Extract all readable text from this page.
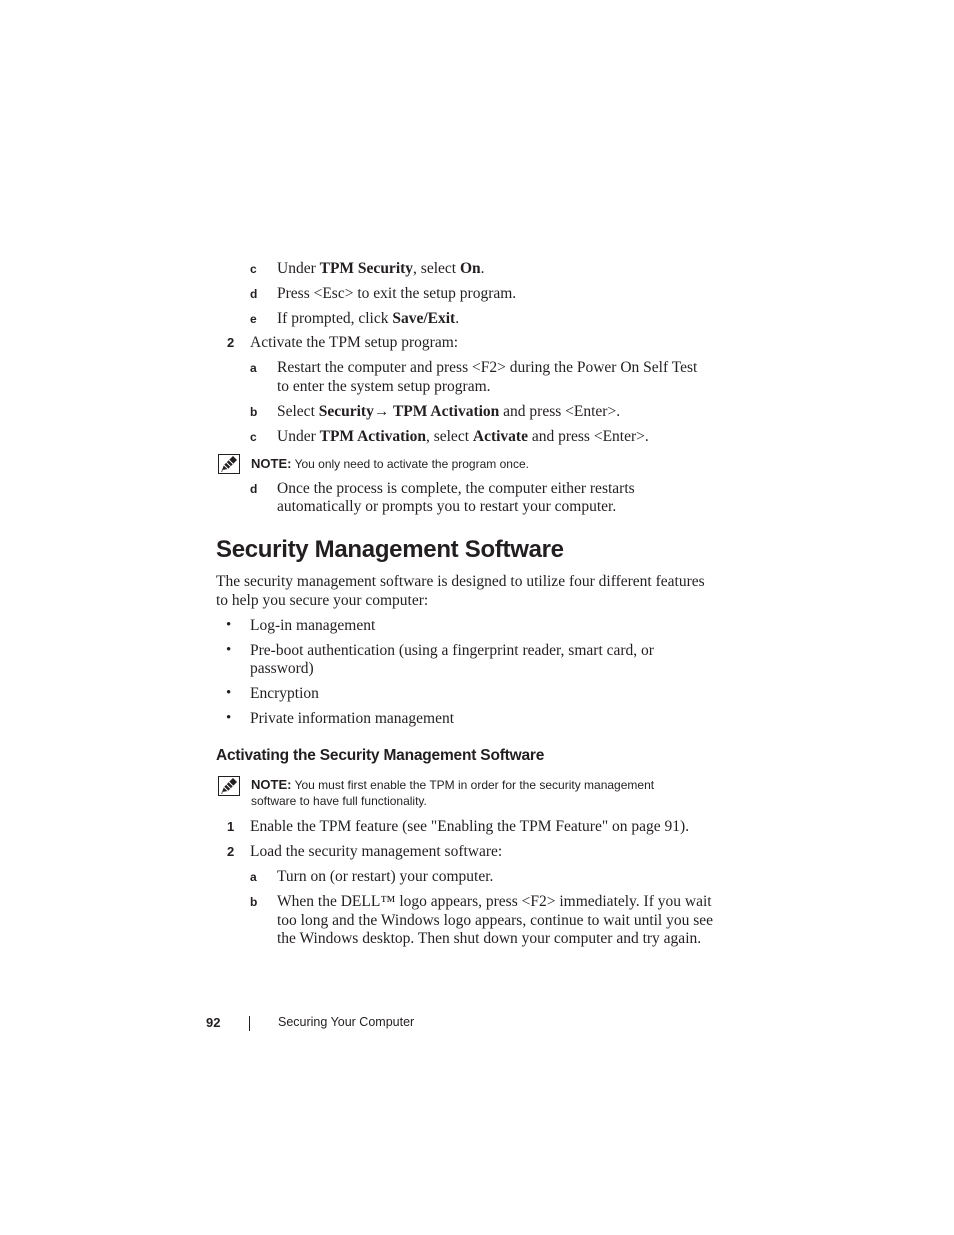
c Under TPM Security, select On.
d Press <Esc> to exit the setup program.
e If prompted, click Save/Exit.
2 Activate the TPM setup program:
a Restart the computer and press <F2> during the Power On Self Test
to enter the system setup program.
b Select Security→ TPM Activation and press <Enter>.
c Under TPM Activation, select Activate and press <Enter>.
NOTE: You only need to activate the program once.
d Once the process is complete, the computer either restarts
automatically or prompts you to restart your computer.
Security Management Software
The security management software is designed to utilize four different features
to help you secure your computer:
• Log-in management
• Pre-boot authentication (using a fingerprint reader, smart card, or
password)
• Encryption
• Private information management
Activating the Security Management Software
NOTE: You must first enable the TPM in order for the security management
software to have full functionality.
1 Enable the TPM feature (see "Enabling the TPM Feature" on page 91).
2 Load the security management software:
a Turn on (or restart) your computer.
b When the DELL™ logo appears, press <F2> immediately. If you wait
too long and the Windows logo appears, continue to wait until you see
the Windows desktop. Then shut down your computer and try again.
92	Securing Your Computer
